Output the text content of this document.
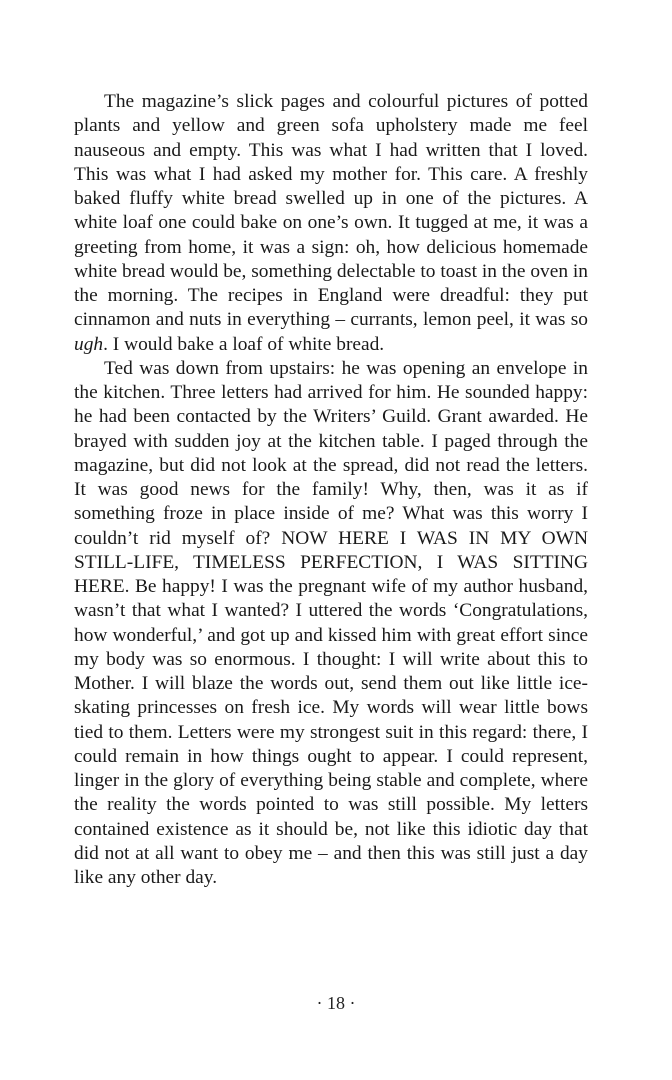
The magazine’s slick pages and colourful pictures of potted plants and yellow and green sofa upholstery made me feel nauseous and empty. This was what I had written that I loved. This was what I had asked my mother for. This care. A freshly baked fluffy white bread swelled up in one of the pictures. A white loaf one could bake on one’s own. It tugged at me, it was a greeting from home, it was a sign: oh, how delicious homemade white bread would be, something delectable to toast in the oven in the morning. The recipes in England were dreadful: they put cinnamon and nuts in everything – currants, lemon peel, it was so ugh. I would bake a loaf of white bread.

Ted was down from upstairs: he was opening an envelope in the kitchen. Three letters had arrived for him. He sounded happy: he had been contacted by the Writers’ Guild. Grant awarded. He brayed with sudden joy at the kitchen table. I paged through the magazine, but did not look at the spread, did not read the letters. It was good news for the family! Why, then, was it as if something froze in place inside of me? What was this worry I couldn’t rid myself of? NOW HERE I WAS IN MY OWN STILL-LIFE, TIMELESS PERFECTION, I WAS SITTING HERE. Be happy! I was the pregnant wife of my author husband, wasn’t that what I wanted? I uttered the words ‘Congratulations, how wonderful,’ and got up and kissed him with great effort since my body was so enormous. I thought: I will write about this to Mother. I will blaze the words out, send them out like little ice-skating princesses on fresh ice. My words will wear little bows tied to them. Letters were my strongest suit in this regard: there, I could remain in how things ought to appear. I could represent, linger in the glory of everything being stable and complete, where the reality the words pointed to was still possible. My letters contained existence as it should be, not like this idiotic day that did not at all want to obey me – and then this was still just a day like any other day.

· 18 ·
